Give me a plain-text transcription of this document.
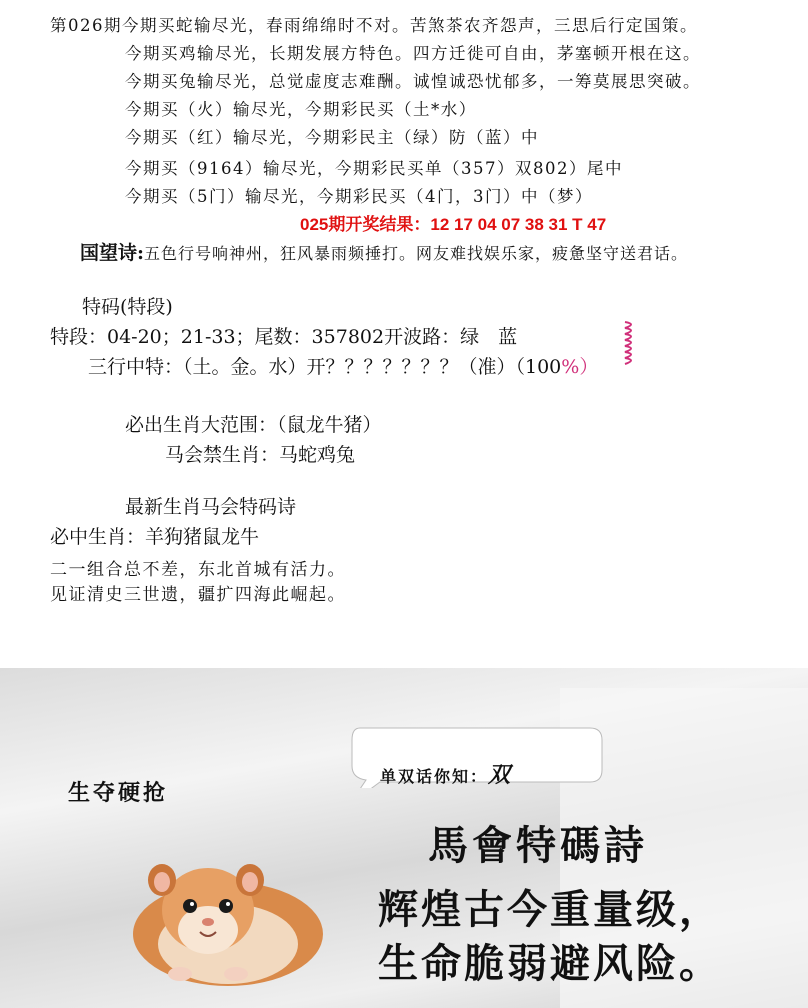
第026期今期买蛇输尽光，春雨绵绵时不对。苦煞茶农齐怨声，三思后行定国策。
今期买鸡输尽光，长期发展方特色。四方迁徙可自由，茅塞顿开根在这。
今期买兔输尽光，总觉虚度志难酬。诚惶诚恐忧郁多，一筹莫展思突破。
今期买（火）输尽光，今期彩民买（土*水）
今期买（红）输尽光，今期彩民主（绿）防（蓝）中
今期买（9164）输尽光，今期彩民买单（357）双802）尾中
今期买（5门）输尽光，今期彩民买（4门，3门）中（梦）
025期开奖结果：12 17 04 07 38 31 T 47
国望诗:五色行号响神州，狂风暴雨频捶打。网友难找娱乐家，疲惫坚守送君话。
特码(特段)
特段：04-20；21-33；尾数：357802开波路：绿　蓝
三行中特：（土。金。水）开？？？？？？？（准）（100%）
必出生肖大范围：（鼠龙牛猪）
马会禁生肖：马蛇鸡兔
最新生肖马会特码诗
必中生肖：羊狗猪鼠龙牛
二一组合总不差，东北首城有活力。
见证清史三世遗，疆扩四海此崛起。
单双话你知：双
生夺硬抢
馬會特碼詩
辉煌古今重量级，
生命脆弱避风险。
